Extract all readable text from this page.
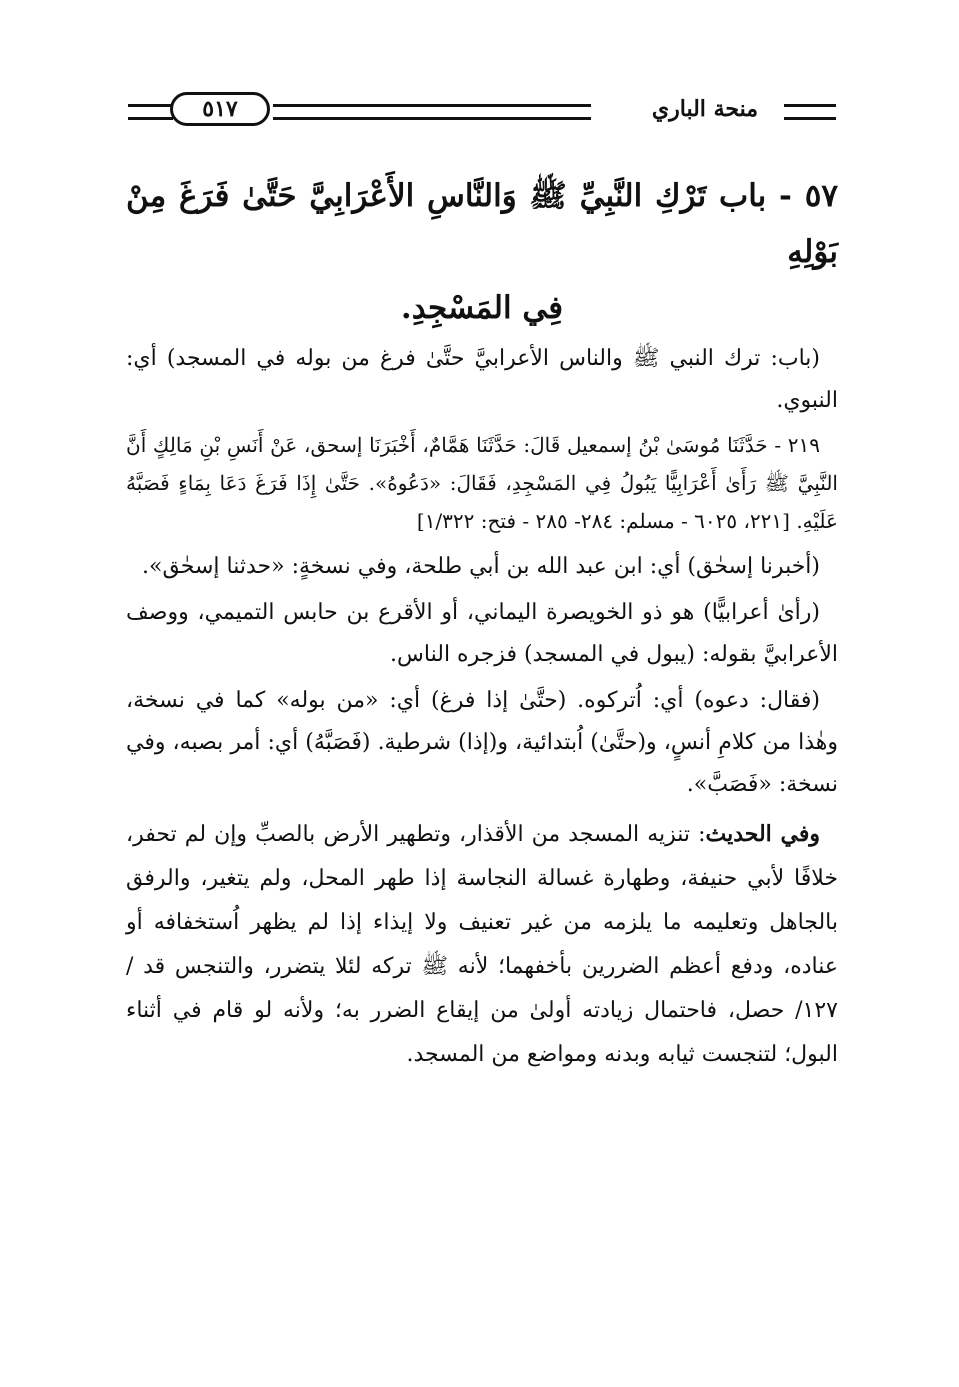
منحة الباري
٥١٧
٥٧ - باب تَرْكِ النَّبِيِّ ﷺ وَالنَّاسِ الأَعْرَابِيَّ حَتَّىٰ فَرَغَ مِنْ بَوْلِهِ
فِي المَسْجِدِ.

(باب: ترك النبي ﷺ والناس الأعرابيَّ حتَّىٰ فرغ من بوله في المسجد) أي: النبوي.

٢١٩ - حَدَّثَنَا مُوسَىٰ بْنُ إسمعيل قَالَ: حَدَّثَنَا هَمَّامٌ، أَخْبَرَنَا إسحق، عَنْ أَنَسِ بْنِ مَالِكٍ أَنَّ النَّبِيَّ ﷺ رَأَىٰ أَعْرَابِيًّا يَبُولُ فِي المَسْجِدِ، فَقَالَ: «دَعُوهُ». حَتَّىٰ إِذَا فَرَغَ دَعَا بِمَاءٍ فَصَبَّهُ عَلَيْهِ. [٢٢١، ٦٠٢٥ - مسلم: ٢٨٤- ٢٨٥ - فتح: ١/٣٢٢]

(أخبرنا إسحٰق) أي: ابن عبد الله بن أبي طلحة، وفي نسخةٍ: «حدثنا إسحٰق».

(رأىٰ أعرابيًّا) هو ذو الخويصرة اليماني، أو الأقرع بن حابس التميمي، ووصف الأعرابيَّ بقوله: (يبول في المسجد) فزجره الناس.

(فقال: دعوه) أي: اُتركوه. (حتَّىٰ إذا فرغ) أي: «من بوله» كما في نسخة، وهٰذا من كلامِ أنسٍ، و(حتَّىٰ) اُبتدائية، و(إذا) شرطية. (فَصَبَّهُ) أي: أمر بصبه، وفي نسخة: «فَصَبَّ».

وفي الحديث: تنزيه المسجد من الأقذار، وتطهير الأرض بالصبِّ وإن لم تحفر، خلافًا لأبي حنيفة، وطهارة غسالة النجاسة إذا طهر المحل، ولم يتغير، والرفق بالجاهل وتعليمه ما يلزمه من غير تعنيف ولا إيذاء إذا لم يظهر اُستخفافه أو عناده، ودفع أعظم الضررين بأخفهما؛ لأنه ﷺ تركه لئلا يتضرر، والتنجس قد /١٢٧/ حصل، فاحتمال زيادته أولىٰ من إيقاع الضرر به؛ ولأنه لو قام في أثناء البول؛ لتنجست ثيابه وبدنه ومواضع من المسجد.
